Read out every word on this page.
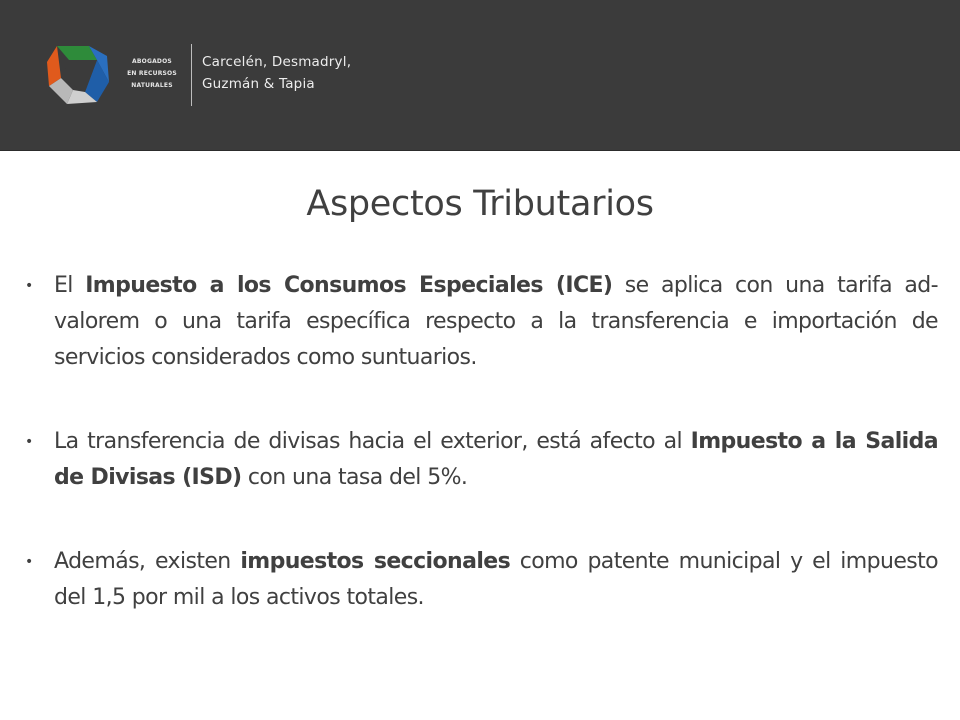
ABOGADOS
EN RECURSOS
NATURALES
Carcelén, Desmadryl,
Guzmán & Tapia
Aspectos Tributarios
• El Impuesto a los Consumos Especiales (ICE) se aplica con una tarifa ad-valorem o una tarifa específica respecto a la transferencia e importación de servicios considerados como suntuarios.
• La transferencia de divisas hacia el exterior, está afecto al Impuesto a la Salida de Divisas (ISD) con una tasa del 5%.
• Además, existen impuestos seccionales como patente municipal y el impuesto del 1,5 por mil a los activos totales.
